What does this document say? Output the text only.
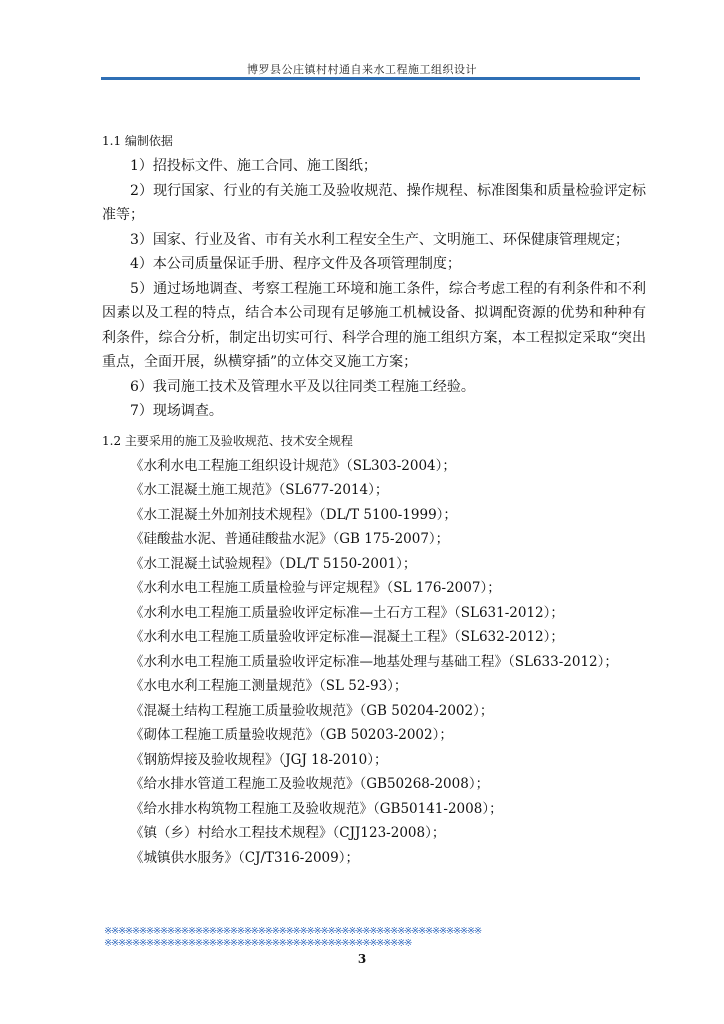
博罗县公庄镇村村通自来水工程施工组织设计
1.1 编制依据

1）招投标文件、施工合同、施工图纸；

2）现行国家、行业的有关施工及验收规范、操作规程、标准图集和质量检验评定标准等；

3）国家、行业及省、市有关水利工程安全生产、文明施工、环保健康管理规定；

4）本公司质量保证手册、程序文件及各项管理制度；

5）通过场地调查、考察工程施工环境和施工条件，综合考虑工程的有利条件和不利因素以及工程的特点，结合本公司现有足够施工机械设备、拟调配资源的优势和种种有利条件，综合分析，制定出切实可行、科学合理的施工组织方案，本工程拟定采取“突出重点，全面开展，纵横穿插”的立体交叉施工方案；

6）我司施工技术及管理水平及以往同类工程施工经验。

7）现场调查。

1.2 主要采用的施工及验收规范、技术安全规程

《水利水电工程施工组织设计规范》（SL303-2004）；

《水工混凝土施工规范》（SL677-2014）；

《水工混凝土外加剂技术规程》（DL/T 5100-1999）；

《硅酸盐水泥、普通硅酸盐水泥》（GB 175-2007）；

《水工混凝土试验规程》（DL/T 5150-2001）；

《水利水电工程施工质量检验与评定规程》（SL 176-2007）；

《水利水电工程施工质量验收评定标准—土石方工程》（SL631-2012）；

《水利水电工程施工质量验收评定标准—混凝土工程》（SL632-2012）；

《水利水电工程施工质量验收评定标准—地基处理与基础工程》（SL633-2012）；

《水电水利工程施工测量规范》（SL 52-93）；

《混凝土结构工程施工质量验收规范》（GB 50204-2002）；

《砌体工程施工质量验收规范》（GB 50203-2002）；

《钢筋焊接及验收规程》（JGJ 18-2010）；

《给水排水管道工程施工及验收规范》（GB50268-2008）；

《给水排水构筑物工程施工及验收规范》（GB50141-2008）；

《镇（乡）村给水工程技术规程》（CJJ123-2008）；

《城镇供水服务》（CJ/T316-2009）；

※※※※※※※※※※※※※※※※※※※※※※※※※※※※※※※※※※※※※※※※※※※※※※※※※※※※※※
※※※※※※※※※※※※※※※※※※※※※※※※※※※※※※※※※※※※※※※※※※※※
3
